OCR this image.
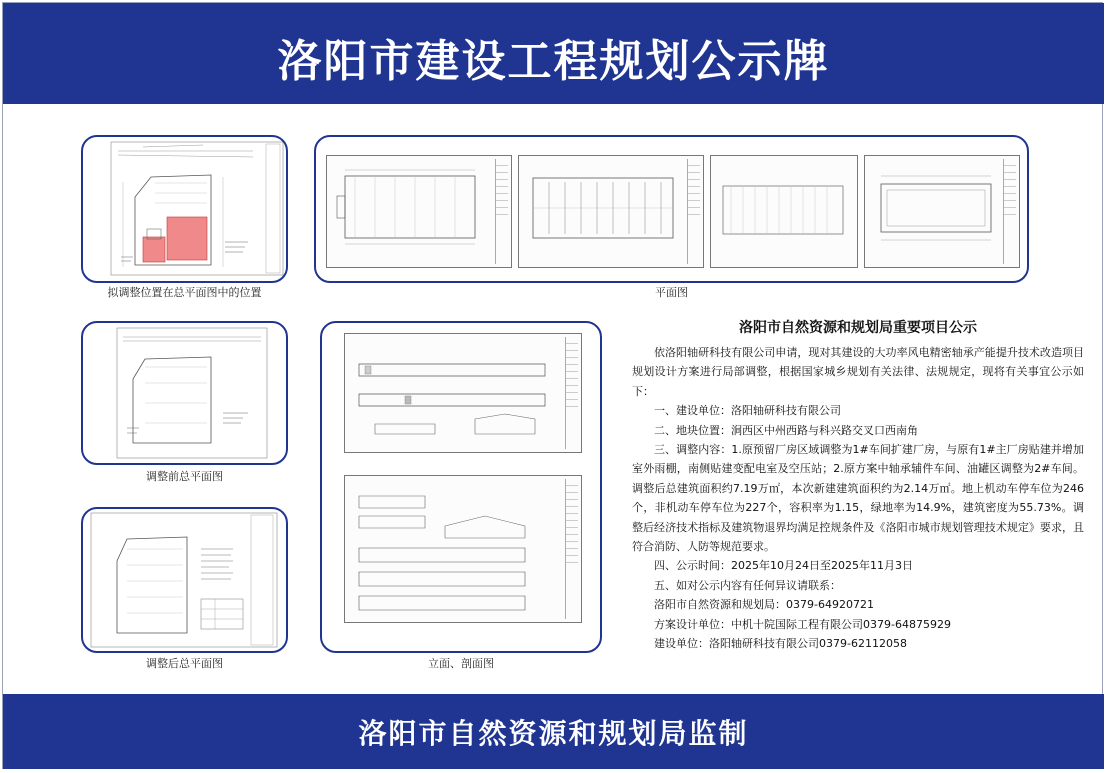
洛阳市建设工程规划公示牌
拟调整位置在总平面图中的位置	平面图
调整前总平面图
调整后总平面图	立面、剖面图
洛阳市自然资源和规划局重要项目公示

依洛阳轴研科技有限公司申请，现对其建设的大功率风电精密轴承产能提升技术改造项目规划设计方案进行局部调整，根据国家城乡规划有关法律、法规规定，现将有关事宜公示如下：

一、建设单位：洛阳轴研科技有限公司

二、地块位置：涧西区中州西路与科兴路交叉口西南角

三、调整内容：1.原预留厂房区域调整为1#车间扩建厂房，与原有1#主厂房贴建并增加室外雨棚，南侧贴建变配电室及空压站；2.原方案中轴承辅件车间、油罐区调整为2#车间。调整后总建筑面积约7.19万㎡，本次新建建筑面积约为2.14万㎡。地上机动车停车位为246个，非机动车停车位为227个，容积率为1.15，绿地率为14.9%，建筑密度为55.73%。调整后经济技术指标及建筑物退界均满足控规条件及《洛阳市城市规划管理技术规定》要求，且符合消防、人防等规范要求。

四、公示时间：2025年10月24日至2025年11月3日

五、如对公示内容有任何异议请联系：

洛阳市自然资源和规划局：0379-64920721

方案设计单位：中机十院国际工程有限公司0379-64875929

建设单位：洛阳轴研科技有限公司0379-62112058

洛阳市自然资源和规划局监制
